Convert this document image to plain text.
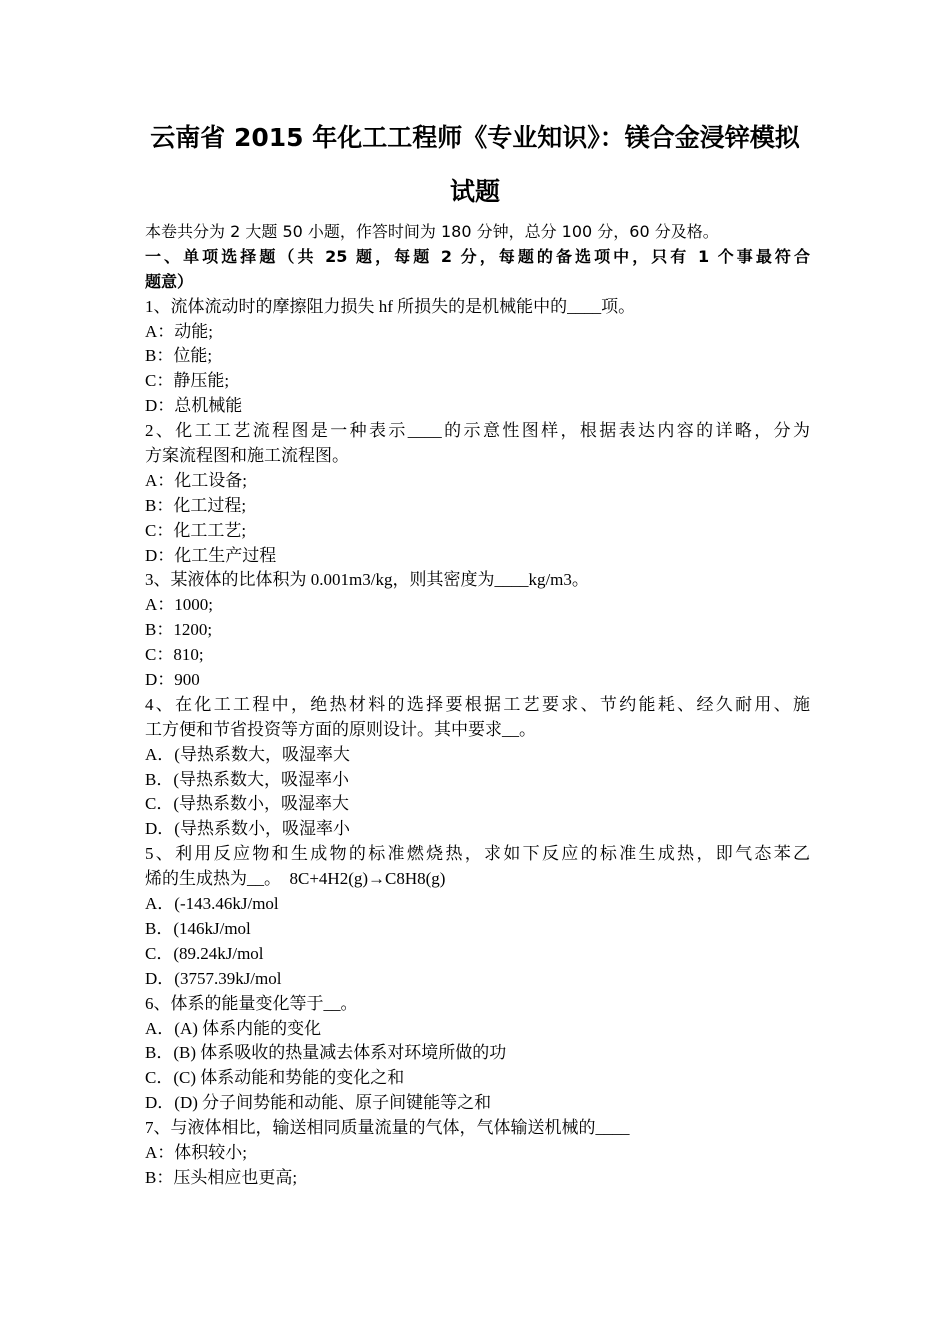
云南省 2015 年化工工程师《专业知识》：镁合金浸锌模拟
试题
本卷共分为 2 大题 50 小题，作答时间为 180 分钟，总分 100 分，60 分及格。
一、单项选择题（共 25 题，每题 2 分，每题的备选项中，只有 1 个事最符合
题意）
1、流体流动时的摩擦阻力损失 hf 所损失的是机械能中的____项。
A：动能;
B：位能;
C：静压能;
D：总机械能
2、化工工艺流程图是一种表示____的示意性图样，根据表达内容的详略，分为
方案流程图和施工流程图。
A：化工设备;
B：化工过程;
C：化工工艺;
D：化工生产过程
3、某液体的比体积为 0.001m3/kg，则其密度为____kg/m3。
A：1000;
B：1200;
C：810;
D：900
4、在化工工程中，绝热材料的选择要根据工艺要求、节约能耗、经久耐用、施
工方便和节省投资等方面的原则设计。其中要求__。
A．(导热系数大，吸湿率大
B．(导热系数大，吸湿率小
C．(导热系数小，吸湿率大
D．(导热系数小，吸湿率小
5、利用反应物和生成物的标准燃烧热，求如下反应的标准生成热，即气态苯乙
烯的生成热为__。　8C+4H2(g)→C8H8(g)
A．(-143.46kJ/mol
B．(146kJ/mol
C．(89.24kJ/mol
D．(3757.39kJ/mol
6、体系的能量变化等于__。
A．(A) 体系内能的变化
B．(B) 体系吸收的热量减去体系对环境所做的功
C．(C) 体系动能和势能的变化之和
D．(D) 分子间势能和动能、原子间键能等之和
7、与液体相比，输送相同质量流量的气体，气体输送机械的____
A：体积较小;
B：压头相应也更高;
